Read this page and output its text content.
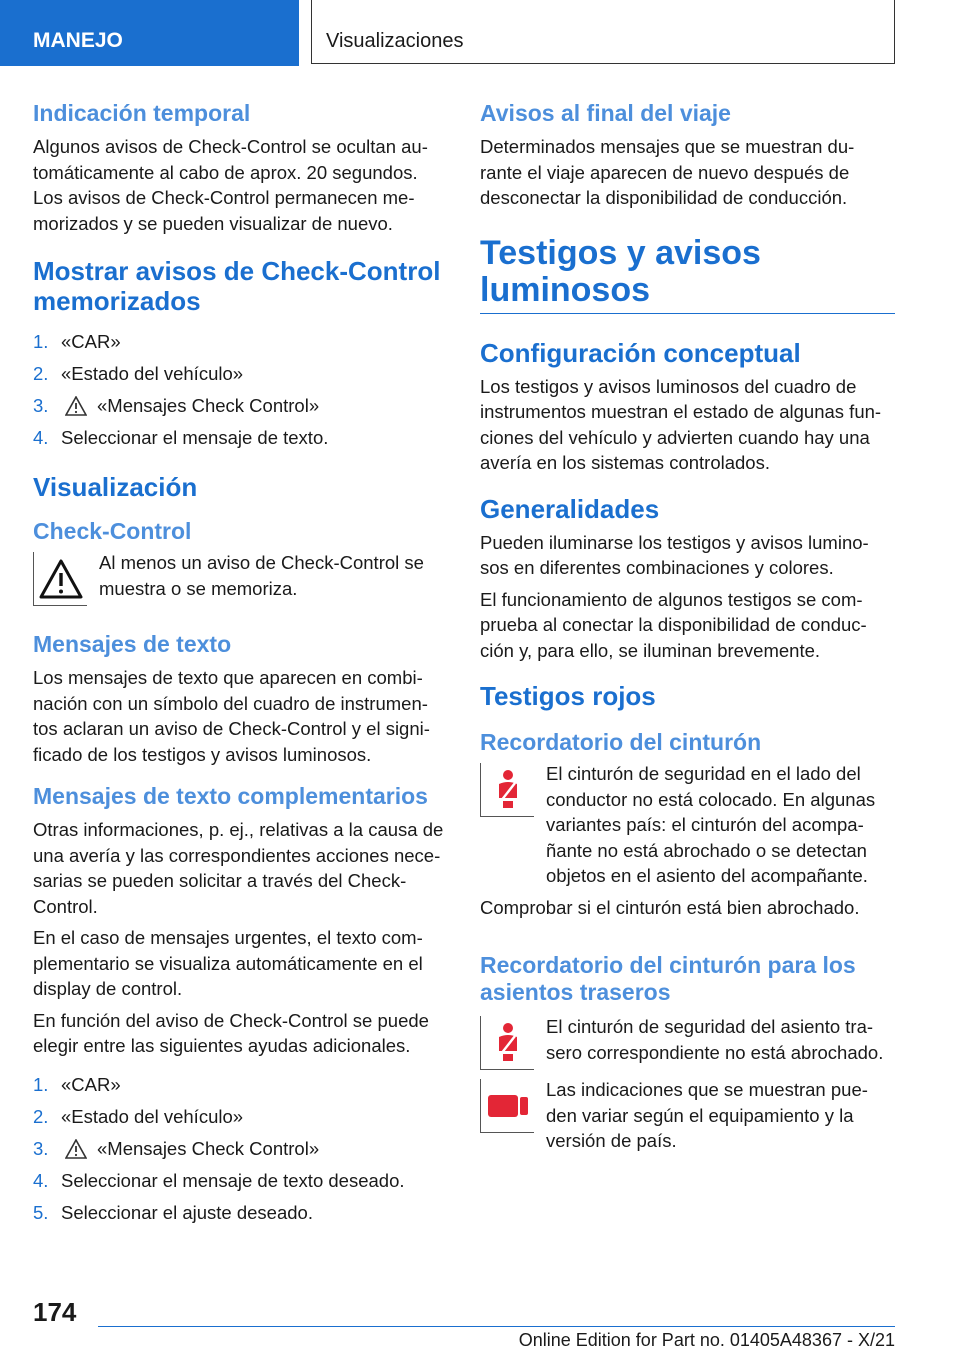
MANEJO	Visualizaciones
Indicación temporal
Algunos avisos de Check-Control se ocultan au-tomáticamente al cabo de aprox. 20 segundos. Los avisos de Check-Control permanecen me-morizados y se pueden visualizar de nuevo.
Mostrar avisos de Check-Control memorizados
1. «CAR»
2. «Estado del vehículo»
3.	«Mensajes Check Control»
4. Seleccionar el mensaje de texto.
Visualización
Check-Control
Al menos un aviso de Check-Control se muestra o se memoriza.
Mensajes de texto
Los mensajes de texto que aparecen en combi-nación con un símbolo del cuadro de instrumen-tos aclaran un aviso de Check-Control y el signi-ficado de los testigos y avisos luminosos.
Mensajes de texto complementarios
Otras informaciones, p. ej., relativas a la causa de una avería y las correspondientes acciones nece-sarias se pueden solicitar a través del Check-Control.
En el caso de mensajes urgentes, el texto com-plementario se visualiza automáticamente en el display de control.
En función del aviso de Check-Control se puede elegir entre las siguientes ayudas adicionales.
1. «CAR»
2. «Estado del vehículo»
3.	«Mensajes Check Control»
4. Seleccionar el mensaje de texto deseado.
5. Seleccionar el ajuste deseado.
Avisos al final del viaje
Determinados mensajes que se muestran du-rante el viaje aparecen de nuevo después de desconectar la disponibilidad de conducción.
Testigos y avisos luminosos
Configuración conceptual
Los testigos y avisos luminosos del cuadro de instrumentos muestran el estado de algunas fun-ciones del vehículo y advierten cuando hay una avería en los sistemas controlados.
Generalidades
Pueden iluminarse los testigos y avisos lumino-sos en diferentes combinaciones y colores.
El funcionamiento de algunos testigos se com-prueba al conectar la disponibilidad de conduc-ción y, para ello, se iluminan brevemente.
Testigos rojos
Recordatorio del cinturón
El cinturón de seguridad en el lado del conductor no está colocado. En algunas variantes país: el cinturón del acompa-ñante no está abrochado o se detectan objetos en el asiento del acompañante.
Comprobar si el cinturón está bien abrochado.
Recordatorio del cinturón para los asientos traseros
El cinturón de seguridad del asiento tra-sero correspondiente no está abrochado.
Las indicaciones que se muestran pue-den variar según el equipamiento y la versión de país.
174
Online Edition for Part no. 01405A48367 - X/21
